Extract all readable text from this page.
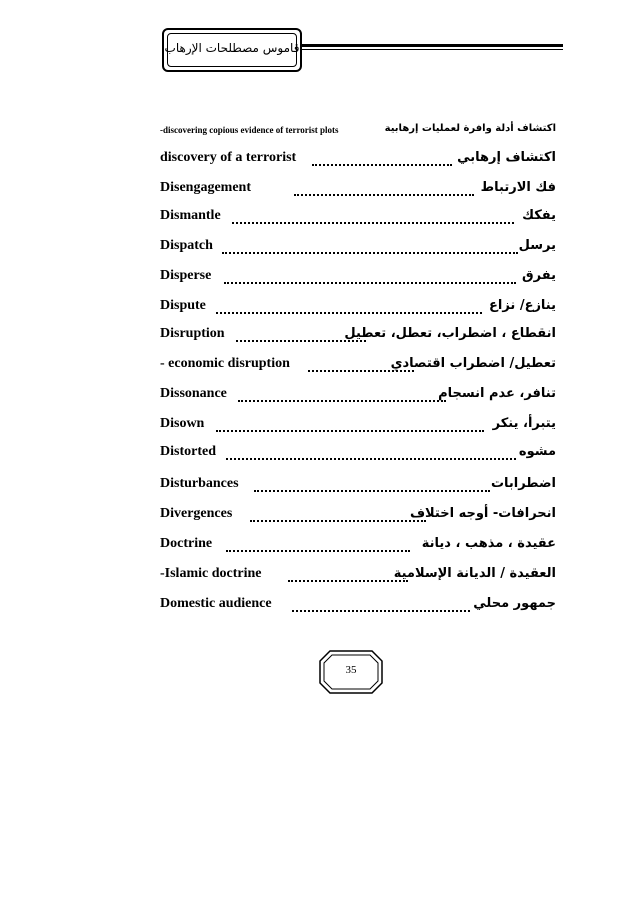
قاموس مصطلحات الإرهاب
-discovering copious evidence of terrorist plots	اكتشاف أدلة وافرة لعمليات إرهابية
discovery of a terrorist	اكتشاف إرهابي
Disengagement	فك الارتباط
Dismantle	يفكك
Dispatch	يرسل
Disperse	يفرق
Dispute	ينازع/ نزاع
Disruption	انقطاع ، اضطراب، تعطل، تعطيل
- economic disruption	تعطيل/ اضطراب اقتصادي
Dissonance	تنافر، عدم انسجام
Disown	يتبرأ، ينكر
Distorted	مشوه
Disturbances	اضطرابات
Divergences	انحرافات- أوجه اختلاف
Doctrine	عقيدة ، مذهب ، ديانة
-Islamic doctrine	العقيدة / الديانة الإسلامية
Domestic audience	جمهور محلي
35
